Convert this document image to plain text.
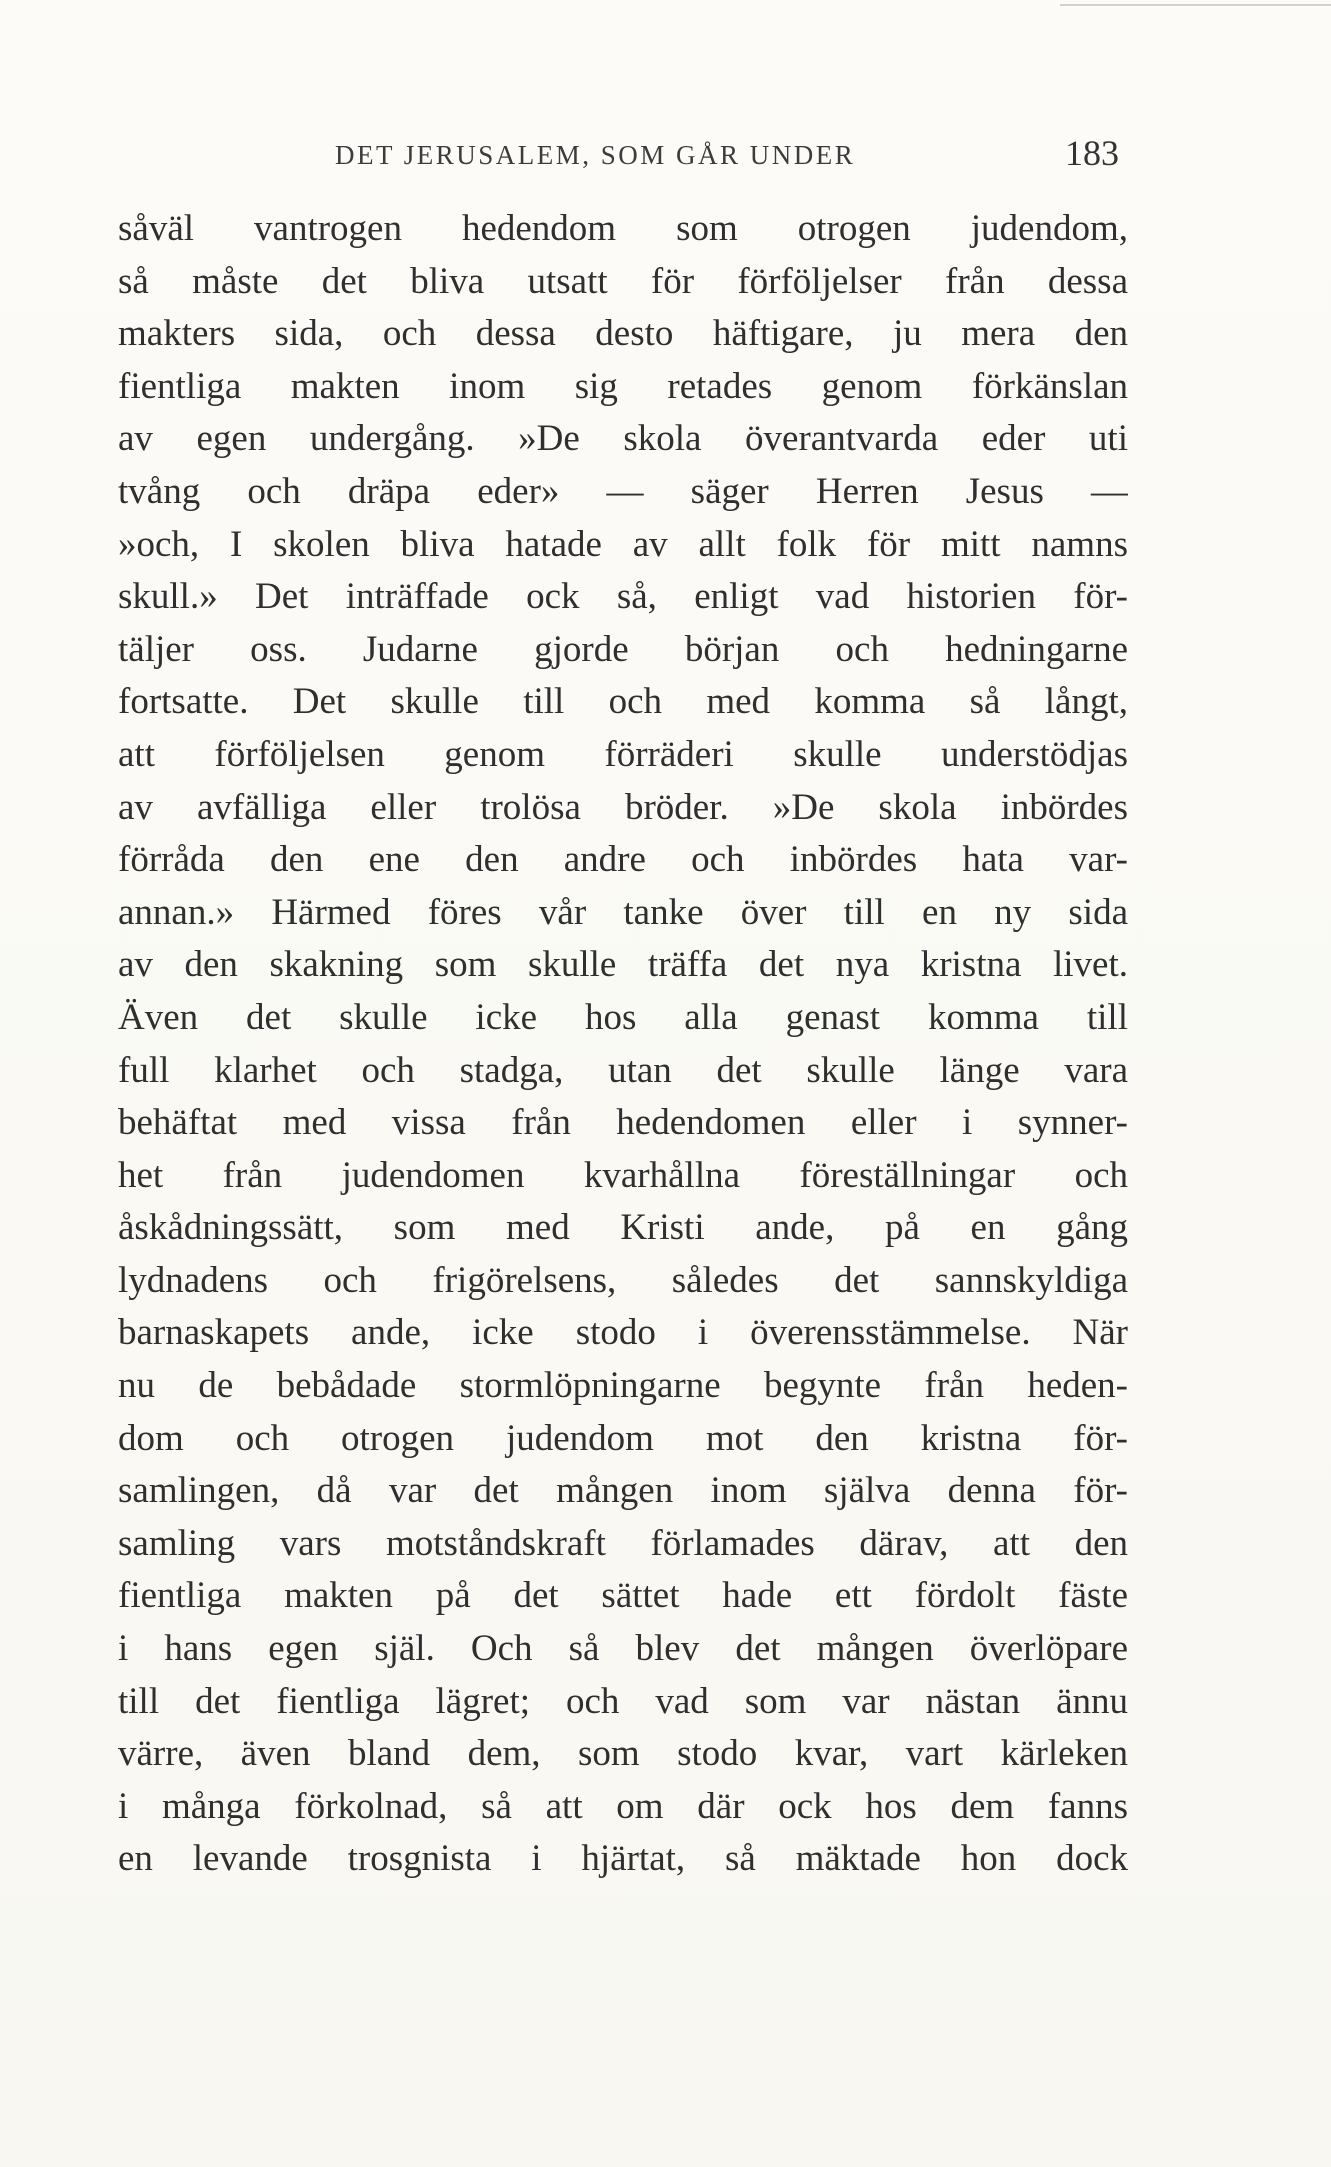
DET JERUSALEM, SOM GÅR UNDER	183
såväl vantrogen hedendom som otrogen judendom,
så måste det bliva utsatt för förföljelser från dessa
makters sida, och dessa desto häftigare, ju mera den
fientliga makten inom sig retades genom förkänslan
av egen undergång. »De skola överantvarda eder uti
tvång och dräpa eder» — säger Herren Jesus —
»och, I skolen bliva hatade av allt folk för mitt namns
skull.» Det inträffade ock så, enligt vad historien för-
täljer oss. Judarne gjorde början och hedningarne
fortsatte. Det skulle till och med komma så långt,
att förföljelsen genom förräderi skulle understödjas
av avfälliga eller trolösa bröder. »De skola inbördes
förråda den ene den andre och inbördes hata var-
annan.» Härmed föres vår tanke över till en ny sida
av den skakning som skulle träffa det nya kristna livet.
Även det skulle icke hos alla genast komma till
full klarhet och stadga, utan det skulle länge vara
behäftat med vissa från hedendomen eller i synner-
het från judendomen kvarhållna föreställningar och
åskådningssätt, som med Kristi ande, på en gång
lydnadens och frigörelsens, således det sannskyldiga
barnaskapets ande, icke stodo i överensstämmelse. När
nu de bebådade stormlöpningarne begynte från heden-
dom och otrogen judendom mot den kristna för-
samlingen, då var det mången inom själva denna för-
samling vars motståndskraft förlamades därav, att den
fientliga makten på det sättet hade ett fördolt fäste
i hans egen själ. Och så blev det mången överlöpare
till det fientliga lägret; och vad som var nästan ännu
värre, även bland dem, som stodo kvar, vart kärleken
i många förkolnad, så att om där ock hos dem fanns
en levande trosgnista i hjärtat, så mäktade hon dock
